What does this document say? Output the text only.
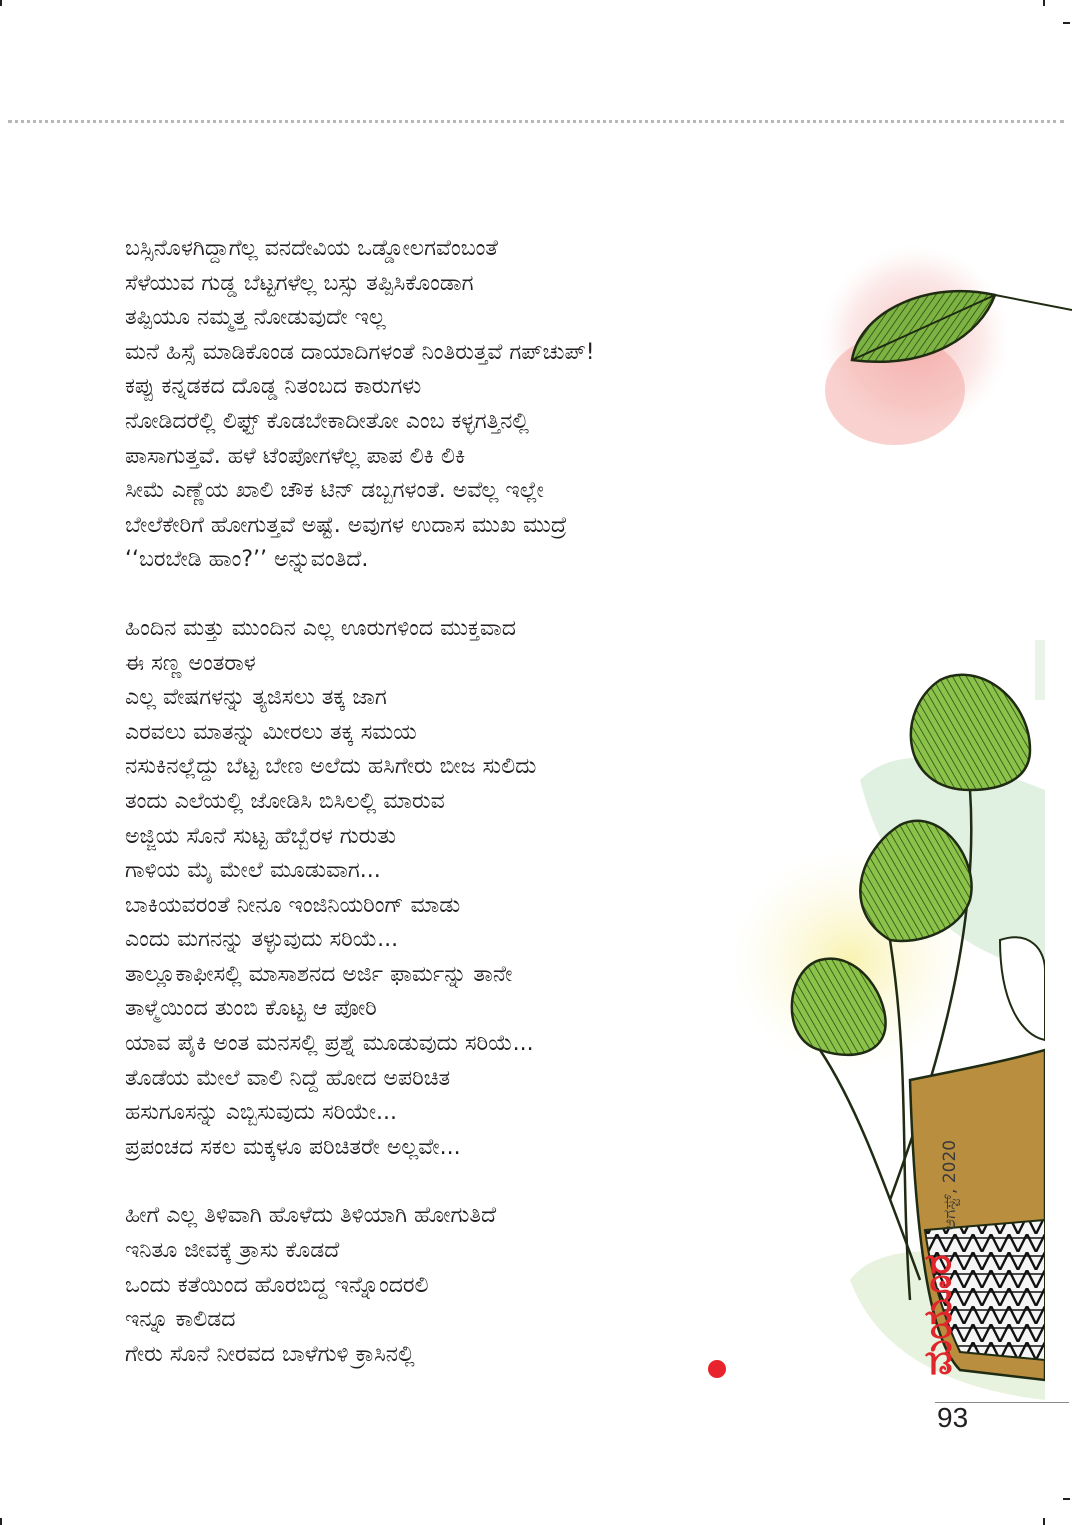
ಬಸ್ಸಿನೊಳಗಿದ್ದಾಗೆಲ್ಲ ವನದೇವಿಯ ಒಡ್ಡೋಲಗವೆಂಬಂತೆ
ಸೆಳೆಯುವ ಗುಡ್ಡ ಬೆಟ್ಟಗಳೆಲ್ಲ ಬಸ್ಸು ತಪ್ಪಿಸಿಕೊಂಡಾಗ
ತಪ್ಪಿಯೂ ನಮ್ಮತ್ತ ನೋಡುವುದೇ ಇಲ್ಲ
ಮನೆ ಹಿಸ್ಸೆ ಮಾಡಿಕೊಂಡ ದಾಯಾದಿಗಳಂತೆ ನಿಂತಿರುತ್ತವೆ ಗಪ್‌ಚುಪ್!
ಕಪ್ಪು ಕನ್ನಡಕದ ದೊಡ್ಡ ನಿತಂಬದ ಕಾರುಗಳು
ನೋಡಿದರೆಲ್ಲಿ ಲಿಫ್ಟ್ ಕೊಡಬೇಕಾದೀತೋ ಎಂಬ ಕಳ್ಳಗತ್ತಿನಲ್ಲಿ
ಪಾಸಾಗುತ್ತವೆ. ಹಳೆ ಟೆಂಪೋಗಳೆಲ್ಲ ಪಾಪ ಲಿಕಿ ಲಿಕಿ
ಸೀಮೆ ಎಣ್ಣೆಯ ಖಾಲಿ ಚೌಕ ಟಿನ್ ಡಬ್ಬಗಳಂತೆ. ಅವೆಲ್ಲ ಇಲ್ಲೇ
ಬೇಲೆಕೇರಿಗೆ ಹೋಗುತ್ತವೆ ಅಷ್ಟೆ. ಅವುಗಳ ಉದಾಸ ಮುಖ ಮುದ್ರೆ
‘‘ಬರಬೇಡಿ ಹಾಂ?’’ ಅನ್ನುವಂತಿದೆ.
ಹಿಂದಿನ ಮತ್ತು ಮುಂದಿನ ಎಲ್ಲ ಊರುಗಳಿಂದ ಮುಕ್ತವಾದ
ಈ ಸಣ್ಣ ಅಂತರಾಳ
ಎಲ್ಲ ವೇಷಗಳನ್ನು ತ್ಯಜಿಸಲು ತಕ್ಕ ಜಾಗ
ಎರವಲು ಮಾತನ್ನು ಮೀರಲು ತಕ್ಕ ಸಮಯ
ನಸುಕಿನಲ್ಲೆದ್ದು ಬೆಟ್ಟ ಬೇಣ ಅಲೆದು ಹಸಿಗೇರು ಬೀಜ ಸುಲಿದು
ತಂದು ಎಲೆಯಲ್ಲಿ ಜೋಡಿಸಿ ಬಿಸಿಲಲ್ಲಿ ಮಾರುವ
ಅಜ್ಜಿಯ ಸೊನೆ ಸುಟ್ಟ ಹೆಬ್ಬೆರಳ ಗುರುತು
ಗಾಳಿಯ ಮೈ ಮೇಲೆ ಮೂಡುವಾಗ...
ಬಾಕಿಯವರಂತೆ ನೀನೂ ಇಂಜಿನಿಯರಿಂಗ್ ಮಾಡು
ಎಂದು ಮಗನನ್ನು ತಳ್ಳುವುದು ಸರಿಯೆ...
ತಾಲ್ಲೂಕಾಫೀಸಲ್ಲಿ ಮಾಸಾಶನದ ಅರ್ಜಿ ಫಾರ್ಮನ್ನು ತಾನೇ
ತಾಳ್ಮೆಯಿಂದ ತುಂಬಿ ಕೊಟ್ಟ ಆ ಪೋರಿ
ಯಾವ ಪೈಕಿ ಅಂತ ಮನಸಲ್ಲಿ ಪ್ರಶ್ನೆ ಮೂಡುವುದು ಸರಿಯೆ...
ತೊಡೆಯ ಮೇಲೆ ವಾಲಿ ನಿದ್ದೆ ಹೋದ ಅಪರಿಚಿತ
ಹಸುಗೂಸನ್ನು ಎಬ್ಬಿಸುವುದು ಸರಿಯೇ...
ಪ್ರಪಂಚದ ಸಕಲ ಮಕ್ಕಳೂ ಪರಿಚಿತರೇ ಅಲ್ಲವೇ...
ಹೀಗೆ ಎಲ್ಲ ತಿಳಿವಾಗಿ ಹೊಳೆದು ತಿಳಿಯಾಗಿ ಹೋಗುತಿದೆ
ಇನಿತೂ ಜೀವಕ್ಕೆ ತ್ರಾಸು ಕೊಡದೆ
ಒಂದು ಕತೆಯಿಂದ ಹೊರಬಿದ್ದ ಇನ್ನೊಂದರಲಿ
ಇನ್ನೂ ಕಾಲಿಡದ
ಗೇರು ಸೊನೆ ನೀರವದ ಬಾಳೆಗುಳಿ ಕ್ರಾಸಿನಲ್ಲಿ
ಆಗಸ್ಟ್, 2020
ಮಯೂರ
93
